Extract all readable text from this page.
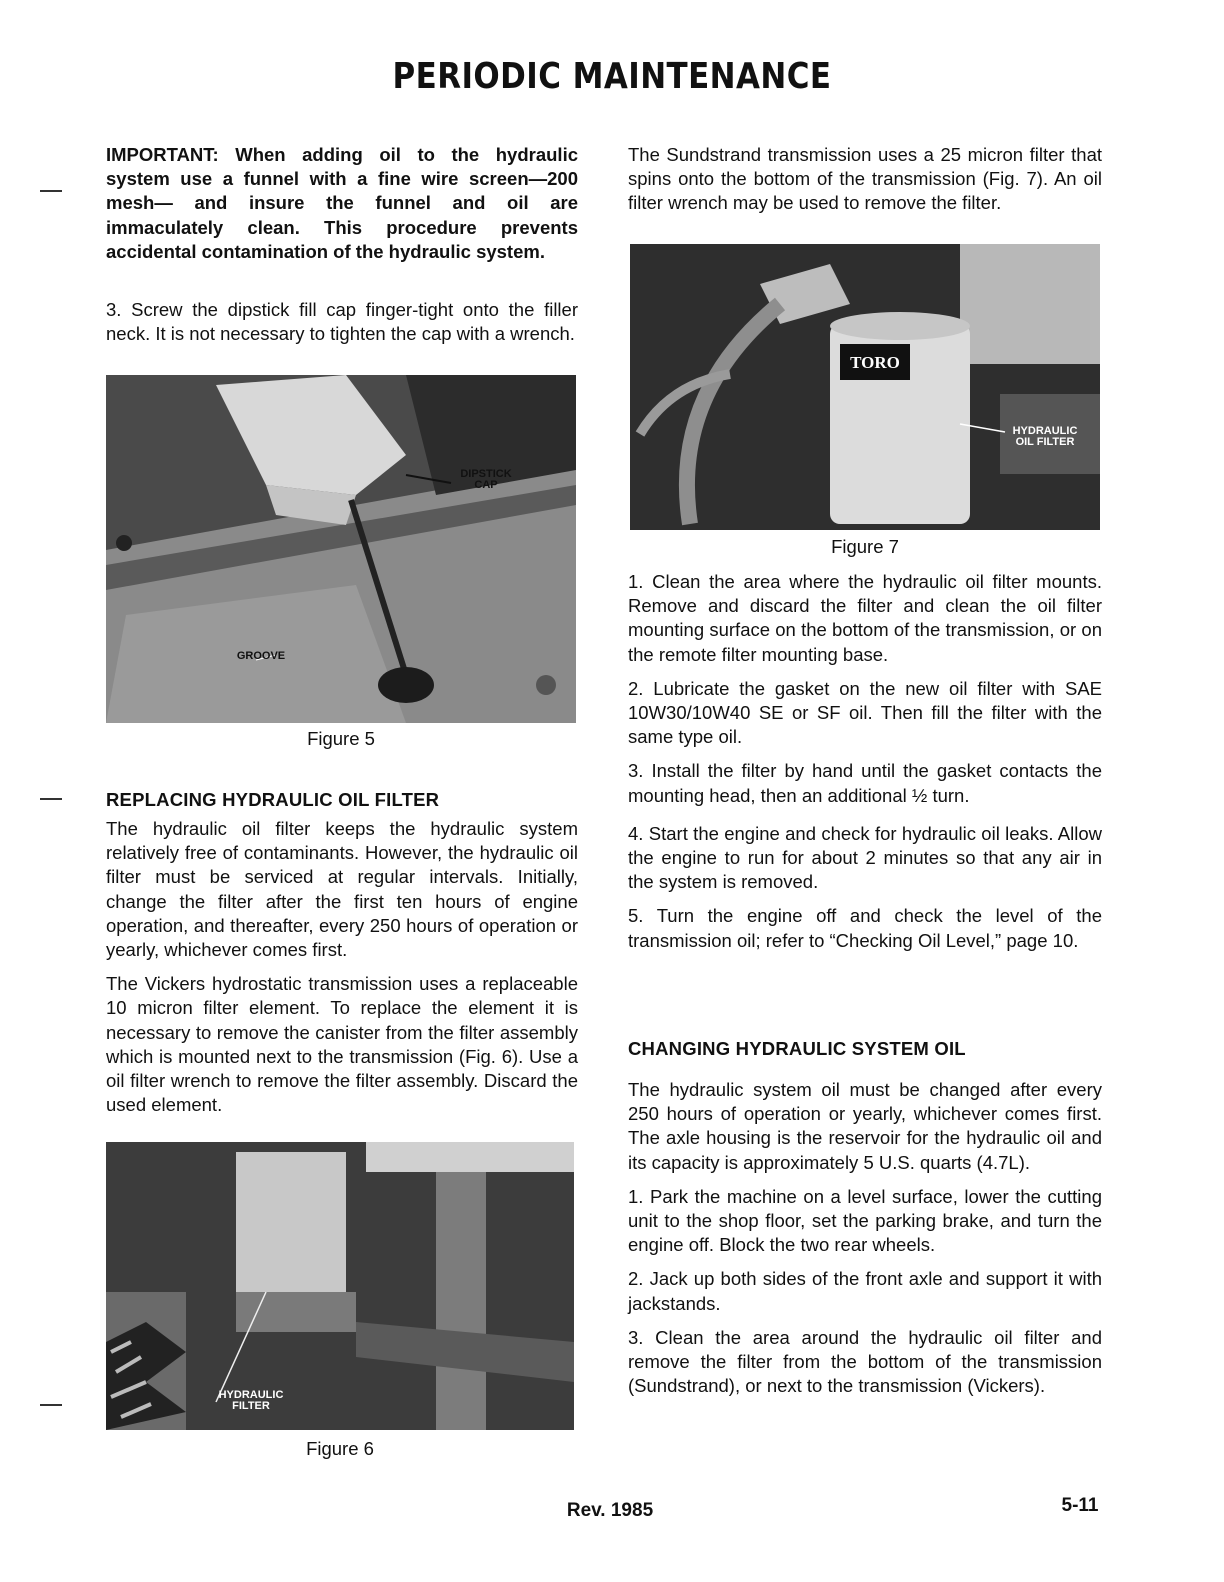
PERIODIC MAINTENANCE

IMPORTANT: When adding oil to the hydraulic system use a funnel with a fine wire screen—200 mesh— and insure the funnel and oil are immaculately clean. This procedure prevents accidental contamination of the hydraulic system.

3. Screw the dipstick fill cap finger-tight onto the filler neck. It is not necessary to tighten the cap with a wrench.

DIPSTICK
CAP
GROOVE
Figure 5
REPLACING HYDRAULIC OIL FILTER

The hydraulic oil filter keeps the hydraulic system relatively free of contaminants. However, the hydraulic oil filter must be serviced at regular intervals. Initially, change the filter after the first ten hours of engine operation, and thereafter, every 250 hours of operation or yearly, whichever comes first.

The Vickers hydrostatic transmission uses a replaceable 10 micron filter element. To replace the element it is necessary to remove the canister from the filter assembly which is mounted next to the transmission (Fig. 6). Use a oil filter wrench to remove the filter assembly. Discard the used element.

HYDRAULIC
FILTER
Figure 6

The Sundstrand transmission uses a 25 micron filter that spins onto the bottom of the transmission (Fig. 7). An oil filter wrench may be used to remove the filter.

TORO
HYDRAULIC
OIL FILTER
Figure 7

1. Clean the area where the hydraulic oil filter mounts. Remove and discard the filter and clean the oil filter mounting surface on the bottom of the transmission, or on the remote filter mounting base.

2. Lubricate the gasket on the new oil filter with SAE 10W30/10W40 SE or SF oil. Then fill the filter with the same type oil.

3. Install the filter by hand until the gasket contacts the mounting head, then an additional ½ turn.

4. Start the engine and check for hydraulic oil leaks. Allow the engine to run for about 2 minutes so that any air in the system is removed.

5. Turn the engine off and check the level of the transmission oil; refer to “Checking Oil Level,” page 10.

CHANGING HYDRAULIC SYSTEM OIL

The hydraulic system oil must be changed after every 250 hours of operation or yearly, whichever comes first. The axle housing is the reservoir for the hydraulic oil and its capacity is approximately 5 U.S. quarts (4.7L).

1. Park the machine on a level surface, lower the cutting unit to the shop floor, set the parking brake, and turn the engine off. Block the two rear wheels.

2. Jack up both sides of the front axle and support it with jackstands.

3. Clean the area around the hydraulic oil filter and remove the filter from the bottom of the transmission (Sundstrand), or next to the transmission (Vickers).

Rev. 1985	5-11
